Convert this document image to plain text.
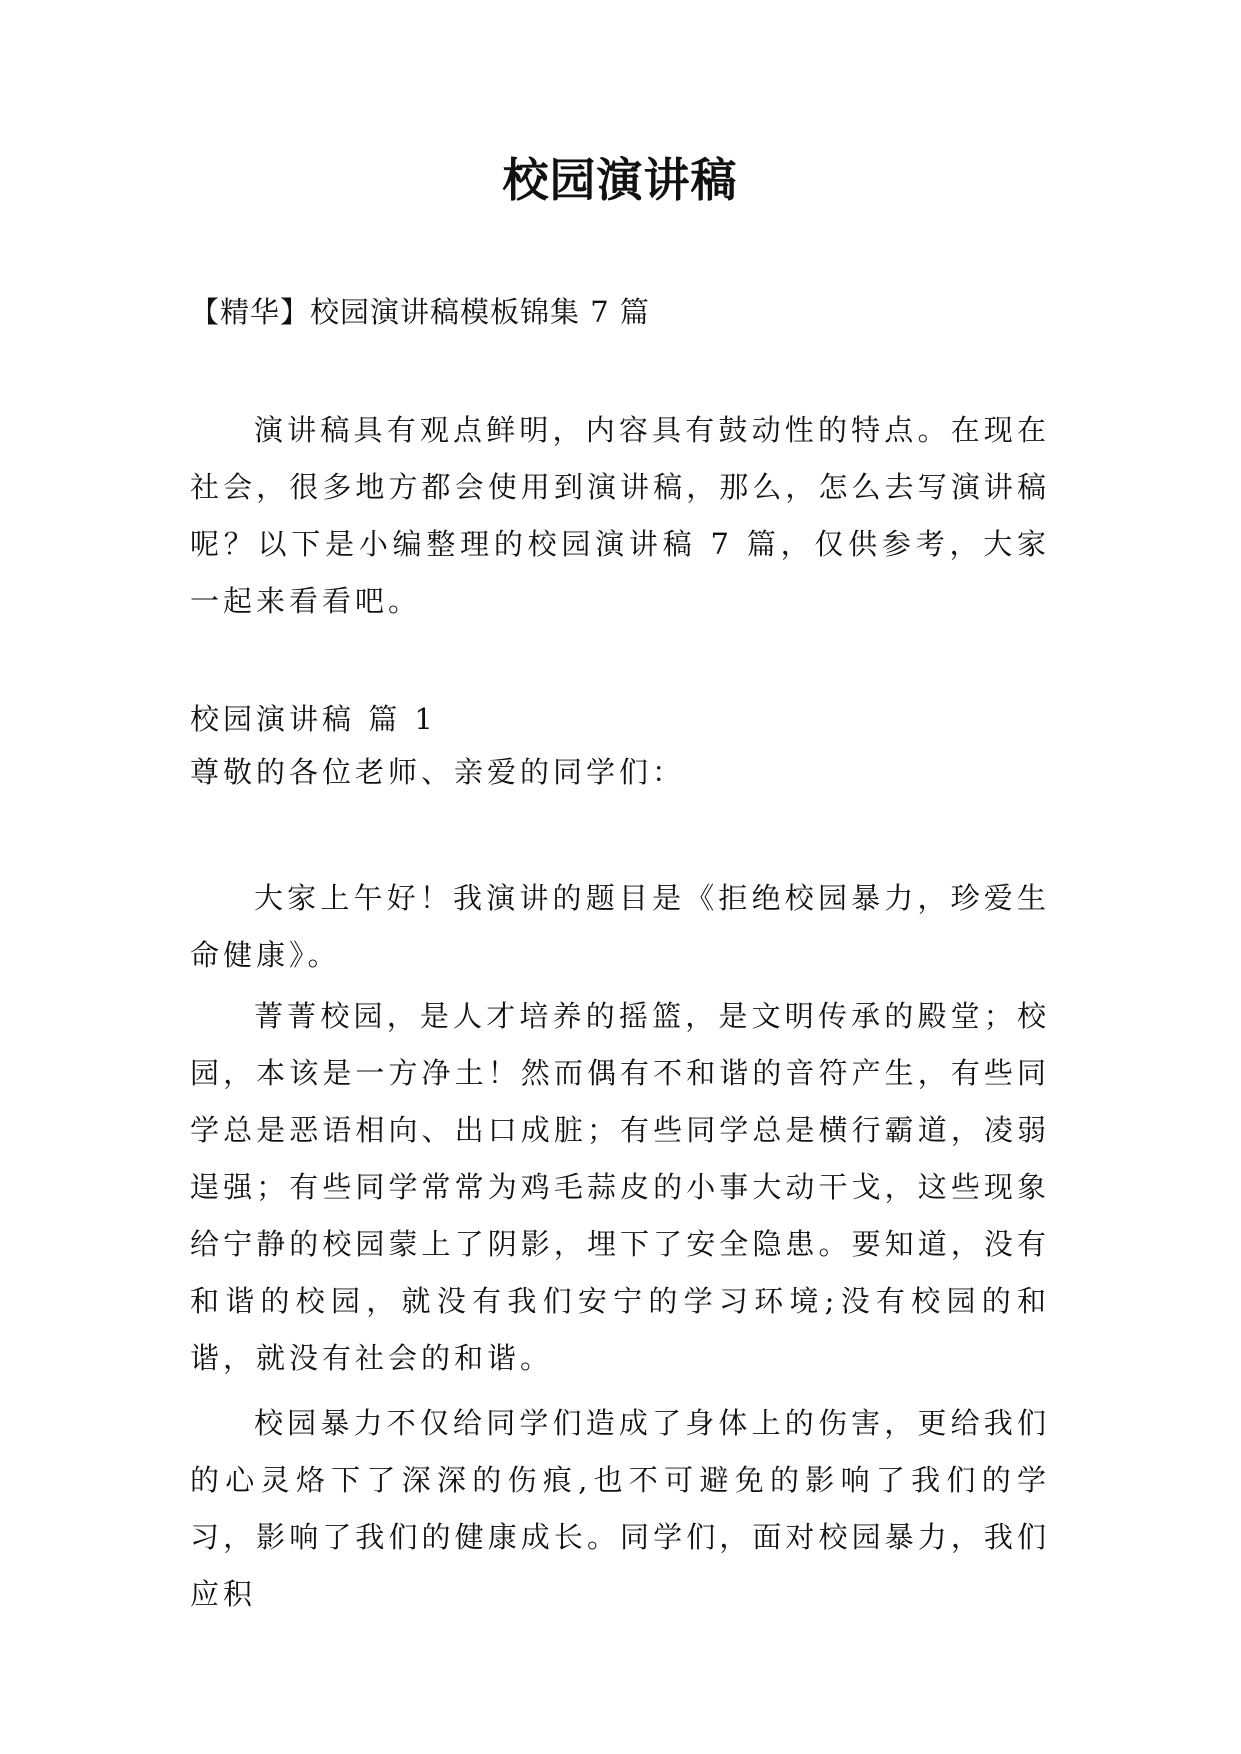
校园演讲稿

【精华】校园演讲稿模板锦集 7 篇

演讲稿具有观点鲜明，内容具有鼓动性的特点。在现在社会，很多地方都会使用到演讲稿，那么，怎么去写演讲稿呢？以下是小编整理的校园演讲稿 7 篇，仅供参考，大家一起来看看吧。

校园演讲稿 篇 1

尊敬的各位老师、亲爱的同学们：

大家上午好！我演讲的题目是《拒绝校园暴力，珍爱生命健康》。

菁菁校园，是人才培养的摇篮，是文明传承的殿堂；校园，本该是一方净土！然而偶有不和谐的音符产生，有些同学总是恶语相向、出口成脏；有些同学总是横行霸道，凌弱逞强；有些同学常常为鸡毛蒜皮的小事大动干戈，这些现象给宁静的校园蒙上了阴影，埋下了安全隐患。要知道，没有和谐的校园，就没有我们安宁的学习环境;没有校园的和谐，就没有社会的和谐。

校园暴力不仅给同学们造成了身体上的伤害，更给我们的心灵烙下了深深的伤痕,也不可避免的影响了我们的学习，影响了我们的健康成长。同学们，面对校园暴力，我们应积
